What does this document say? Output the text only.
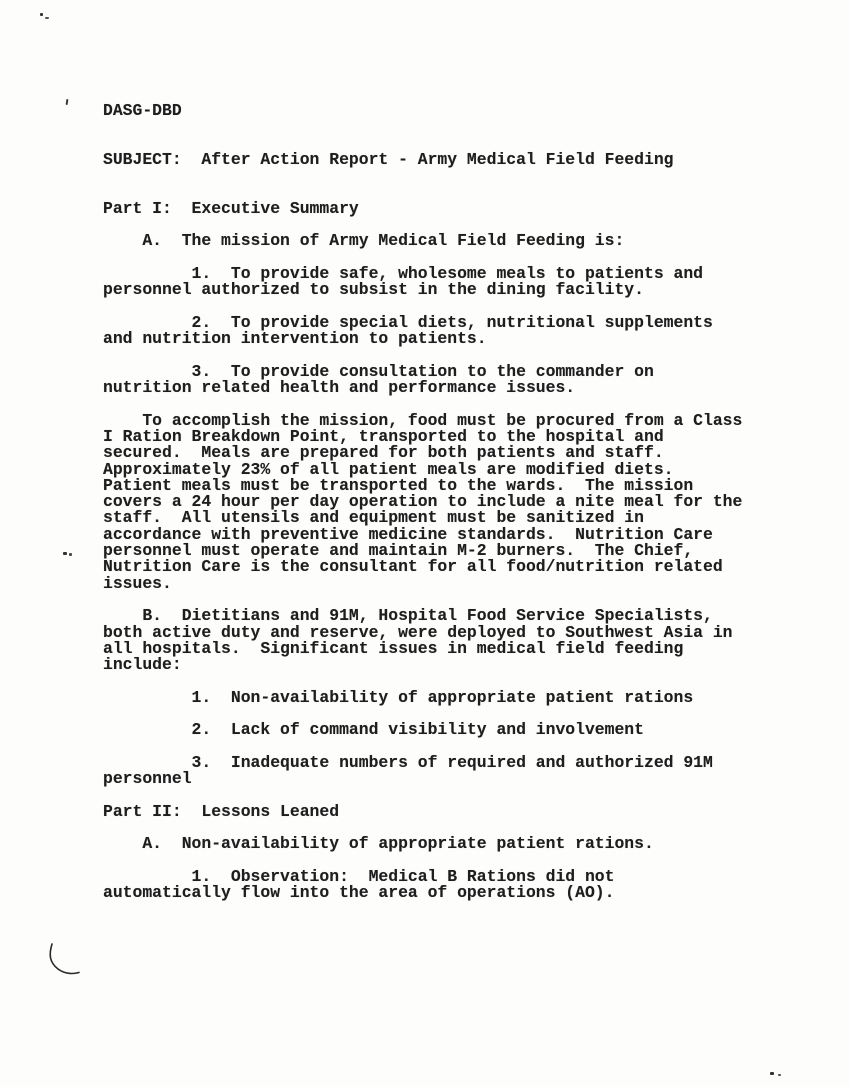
DASG-DBD

SUBJECT:  After Action Report - Army Medical Field Feeding

Part I:  Executive Summary

A.  The mission of Army Medical Field Feeding is:

1.  To provide safe, wholesome meals to patients and
personnel authorized to subsist in the dining facility.

2.  To provide special diets, nutritional supplements
and nutrition intervention to patients.

3.  To provide consultation to the commander on
nutrition related health and performance issues.

To accomplish the mission, food must be procured from a Class
I Ration Breakdown Point, transported to the hospital and
secured.  Meals are prepared for both patients and staff.
Approximately 23% of all patient meals are modified diets.
Patient meals must be transported to the wards.  The mission
covers a 24 hour per day operation to include a nite meal for the
staff.  All utensils and equipment must be sanitized in
accordance with preventive medicine standards.  Nutrition Care
personnel must operate and maintain M-2 burners.  The Chief,
Nutrition Care is the consultant for all food/nutrition related
issues.

B.  Dietitians and 91M, Hospital Food Service Specialists,
both active duty and reserve, were deployed to Southwest Asia in
all hospitals.  Significant issues in medical field feeding
include:

1.  Non-availability of appropriate patient rations

2.  Lack of command visibility and involvement

3.  Inadequate numbers of required and authorized 91M
personnel

Part II:  Lessons Leaned

A.  Non-availability of appropriate patient rations.

1.  Observation:  Medical B Rations did not
automatically flow into the area of operations (AO).
